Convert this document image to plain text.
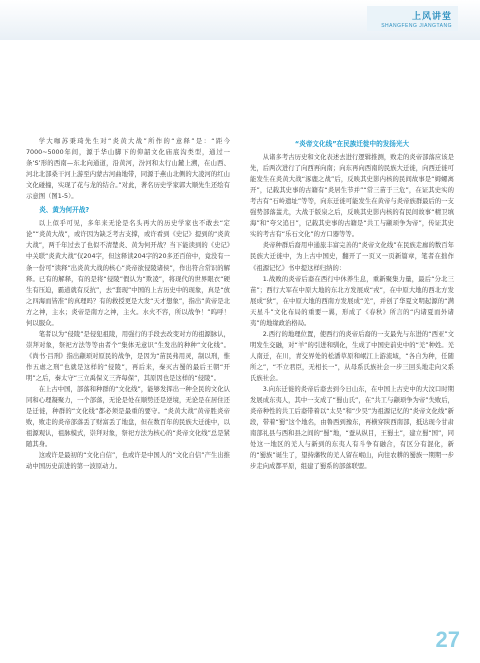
上风讲堂
SHANGFENG JIANGTANG

学大咖苏秉琦先生对“炎黄大战”所作的“意释”是：“距今7000~5000年间，源于华山脚下的仰韶文化庙底沟类型，通过一条‘S’形的西南—东北向通道，沿黄河，汾河和太行山麓上溯，在山西、河北北部桑干河上游至内蒙古河曲地带，同源于燕山北侧的大凌河的红山文化碰撞，实现了花与龙的结合。”对此，著名历史学家郭大顺先生还绘有示意图（图1-5）。

炎、黄为何开战?

以上似乎可见，多年来无论是名头再大的历史学家也不敢去“定论”“炎黄大战”，或许因为缺乏考古支撑，或许看到《史记》提到的“炎黄大战”，两千年过去了也似不清楚炎、黄为何开战？当下能读到的《史记》中关联“炎黄大战”仅204字，但这释读204字的20多还百倍中，竟没有一条一份可“读释”出炎黄大战的核心“炎帝欲侵陵诸侯”，作出符合常识的解释。已有的解释，有的是将“侵陵”假认为“欺凌”，将现代的世界眼衣“硬生有压迫，霸道就有反抗”，去“套现”中国的上古历史中的现象，真是“放之四海而皆准”的真理吗？有的救授更是大发“天才想象”，指出“黄帝是北方之神，主水；炎帝是南方之神，主火。水火不容，所以战争！”呜呼！何以服众。

笔者以为“侵陵”是侵犯祖陵，用强行的手段去改变对方的祖源脉认，崇拜对象，祭祀方法等等由者个“集体无意识”生发出的种种“文化线”。《尚书·吕刑》指出颛顼对原民的战争，是因为“苗民弗用灵，制以刑，惟作五虐之刑”也就是这样的“侵陵”，再后来，秦灭古蜀的最后王朝“开明”之后，秦太守“三立禹保义三齐每保”，其原因也是这样的“侵陵”。

在上古中国，部落和种群的“文化线”，能够发挥出一种全民的文化认同和心理凝聚力，一个部落，无论是处在顺势还是逆境，无论是在居住还是迁徙，种群的“文化线”都必须是最重的要守。“炎黄大战”黄帝胜炎帝败，败走的炎帝部落丢了财富丢了地盘，但在数百年的民族大迁徙中，以祖源观认，祖脉模式，崇拜对象，祭祀方法为核心的“炎帝文化线”总是紧随其身。

这或许是最初的“文化自信”，也或许是中国人的“文化自信”产生出推动中国历史前进的第一波原动力。

“炎帝文化线”在民族迁徙中的发扬光大

从诸多考古历史和文化表述去进行逻辑推测，败走的炎帝部落应该是先，后两次进行了向西再向南；向东再向西南的民族大迁徙，向西迁徙可能发生在炎黄大战“涿鹿之战”后，反映其史影内核的民间故事是“姆螺离开”，记载其史事的古籍有“炎居生节并”“常三苗于三危”，在证其史实的考古有“石岭遗址”等等，向东迁徙可能发生在黄帝与炎帝族群最后的一支强势部落蚩尤，大战于版泉之后，反映其史影内核的有民间故事“精卫填海”和“夸父追日”，记载其史事的古籍是“共工与颛顼争为帝”，传证其史实的考古有“乐石文化”的方口器等等。

炎帝种群后裔用申通旅丰富完善的“炎帝文化线”在民族走廊的数百年民族大迁徙中，为上古中国史，翻开了一页又一页新篇章，笔者在拙作《祖源记忆》书中提这样归纳的：

1.战败的炎帝后裔在西行中休养生息，重新聚集力量，最后“分北三苗”；西行大军在中原大地的东北方发展成“戎”，在中原大地的西北方发展成“狄”，在中原大地的西南方发展成“羌”，并创了华夏文明起源的“满天星斗”文化布局的重要一翼，形成了《春秋》所言的“内诸夏而外诸夷”的地缘政治格局。

2.西行的地理位置，使西行的炎帝后裔的一支最先与东进的“西亚”文明发生交融，对“羊”的引进和驯化，生成了中国史前史中的“羌”种姓。羌人南迁，在川，青交界处的松潘草原和岷江上游流域，“各自为种，任随所之”，“不立君臣，无相长一”，从母系氏族社会一步三回头地走向父系氏族社会。

3.向东迁徙的炎帝后裔去到今日山东，在中国上古史中的大汶口时期发展成东夷人，其中一支成了“蜀山氏”，在“共工与颛顼争为帝”失败后，炎帝种性的共工后裔带着以“太昊”和“少昊”为祖源记忆的“炎帝文化线”新段，带着“蜀”这个地名，由鲁西到豫东，再横穿陕西南部，抵达现今甘肃南部礼县与西和县之间的“蜀”地，“蚕从纵目，王蜀土”，建立蜀“国”，同处这一地区的羌人与新到的东夷人有斗争有融合，有区分有混化，新的“蜀族”诞生了，望持藩牧的羌人留在岷山，向往农耕的蜀族一期期一步步走向成都平原，组建了蜀系的部落联盟。

27
